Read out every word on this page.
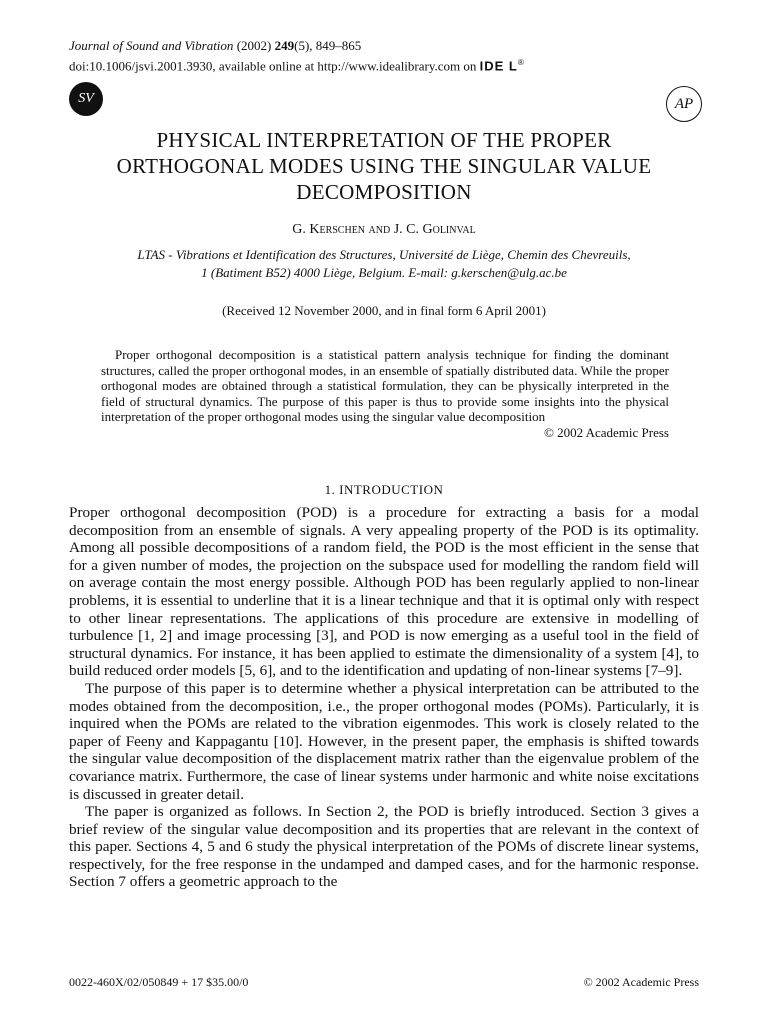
Journal of Sound and Vibration (2002) 249(5), 849–865
doi:10.1006/jsvi.2001.3930, available online at http://www.idealibrary.com on IDE L®
SV	AP
PHYSICAL INTERPRETATION OF THE PROPER
ORTHOGONAL MODES USING THE SINGULAR VALUE
DECOMPOSITION
G. Kerschen and J. C. Golinval
LTAS - Vibrations et Identification des Structures, Université de Liège, Chemin des Chevreuils,
1 (Batiment B52) 4000 Liège, Belgium. E-mail: g.kerschen@ulg.ac.be
(Received 12 November 2000, and in final form 6 April 2001)

Proper orthogonal decomposition is a statistical pattern analysis technique for finding the dominant structures, called the proper orthogonal modes, in an ensemble of spatially distributed data. While the proper orthogonal modes are obtained through a statistical formulation, they can be physically interpreted in the field of structural dynamics. The purpose of this paper is thus to provide some insights into the physical interpretation of the proper orthogonal modes using the singular value decomposition

© 2002 Academic Press
1. INTRODUCTION

Proper orthogonal decomposition (POD) is a procedure for extracting a basis for a modal decomposition from an ensemble of signals. A very appealing property of the POD is its optimality. Among all possible decompositions of a random field, the POD is the most efficient in the sense that for a given number of modes, the projection on the subspace used for modelling the random field will on average contain the most energy possible. Although POD has been regularly applied to non-linear problems, it is essential to underline that it is a linear technique and that it is optimal only with respect to other linear representations. The applications of this procedure are extensive in modelling of turbulence [1, 2] and image processing [3], and POD is now emerging as a useful tool in the field of structural dynamics. For instance, it has been applied to estimate the dimensionality of a system [4], to build reduced order models [5, 6], and to the identification and updating of non-linear systems [7–9].

The purpose of this paper is to determine whether a physical interpretation can be attributed to the modes obtained from the decomposition, i.e., the proper orthogonal modes (POMs). Particularly, it is inquired when the POMs are related to the vibration eigenmodes. This work is closely related to the paper of Feeny and Kappagantu [10]. However, in the present paper, the emphasis is shifted towards the singular value decomposition of the displacement matrix rather than the eigenvalue problem of the covariance matrix. Furthermore, the case of linear systems under harmonic and white noise excitations is discussed in greater detail.

The paper is organized as follows. In Section 2, the POD is briefly introduced. Section 3 gives a brief review of the singular value decomposition and its properties that are relevant in the context of this paper. Sections 4, 5 and 6 study the physical interpretation of the POMs of discrete linear systems, respectively, for the free response in the undamped and damped cases, and for the harmonic response. Section 7 offers a geometric approach to the

0022-460X/02/050849 + 17 $35.00/0	© 2002 Academic Press
